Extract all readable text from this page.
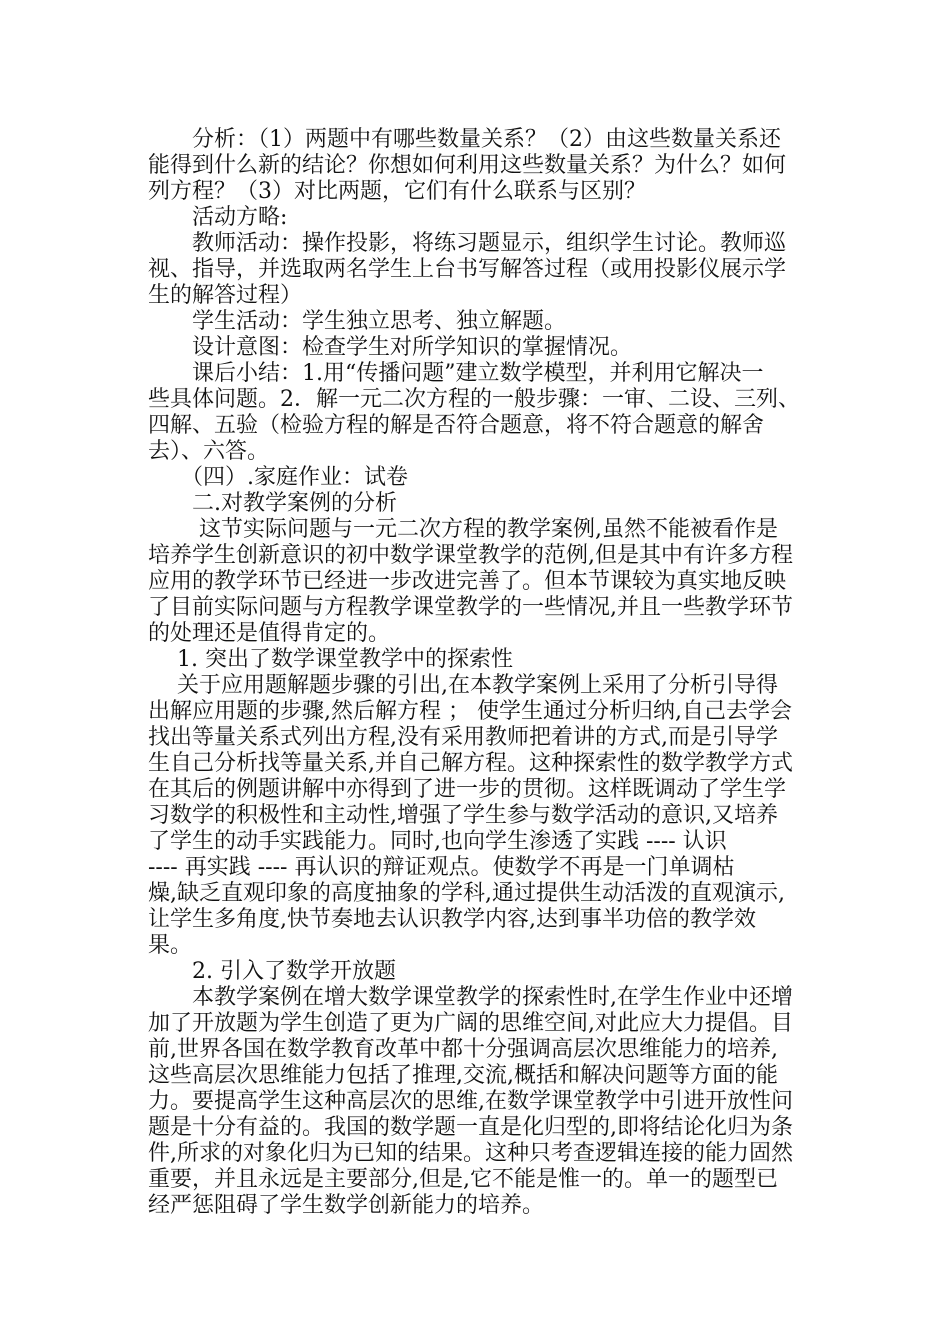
　　分析：（1）两题中有哪些数量关系？（2）由这些数量关系还
能得到什么新的结论？你想如何利用这些数量关系？为什么？如何
列方程？（3）对比两题，它们有什么联系与区别？
　　活动方略:
　　教师活动：操作投影，将练习题显示，组织学生讨论。教师巡
视、指导，并选取两名学生上台书写解答过程（或用投影仪展示学
生的解答过程）
　　学生活动：学生独立思考、独立解题。
　　设计意图：检查学生对所学知识的掌握情况。
　　课后小结：1.用“传播问题”建立数学模型，并利用它解决一
些具体问题。2．解一元二次方程的一般步骤：一审、二设、三列、
四解、五验（检验方程的解是否符合题意，将不符合题意的解舍
去）、六答。
　　（四）.家庭作业：试卷
　　二.对教学案例的分析
　　 这节实际问题与一元二次方程的教学案例,虽然不能被看作是
培养学生创新意识的初中数学课堂教学的范例,但是其中有许多方程
应用的教学环节已经进一步改进完善了。但本节课较为真实地反映
了目前实际问题与方程教学课堂教学的一些情况,并且一些教学环节
的处理还是值得肯定的。
　 1. 突出了数学课堂教学中的探索性
　 关于应用题解题步骤的引出,在本教学案例上采用了分析引导得
出解应用题的步骤,然后解方程 ； 使学生通过分析归纳,自己去学会
找出等量关系式列出方程,没有采用教师把着讲的方式,而是引导学
生自己分析找等量关系,并自己解方程。这种探索性的数学教学方式
在其后的例题讲解中亦得到了进一步的贯彻。这样既调动了学生学
习数学的积极性和主动性,增强了学生参与数学活动的意识,又培养
了学生的动手实践能力。同时,也向学生渗透了实践 ---- 认识
---- 再实践 ---- 再认识的辩证观点。使数学不再是一门单调枯
燥,缺乏直观印象的高度抽象的学科,通过提供生动活泼的直观演示,
让学生多角度,快节奏地去认识教学内容,达到事半功倍的教学效
果。
　　2. 引入了数学开放题
　　本教学案例在增大数学课堂教学的探索性时,在学生作业中还增
加了开放题为学生创造了更为广阔的思维空间,对此应大力提倡。目
前,世界各国在数学教育改革中都十分强调高层次思维能力的培养,
这些高层次思维能力包括了推理,交流,概括和解决问题等方面的能
力。要提高学生这种高层次的思维,在数学课堂教学中引进开放性问
题是十分有益的。我国的数学题一直是化归型的,即将结论化归为条
件,所求的对象化归为已知的结果。这种只考查逻辑连接的能力固然
重要，并且永远是主要部分,但是,它不能是惟一的。单一的题型已
经严惩阻碍了学生数学创新能力的培养。
